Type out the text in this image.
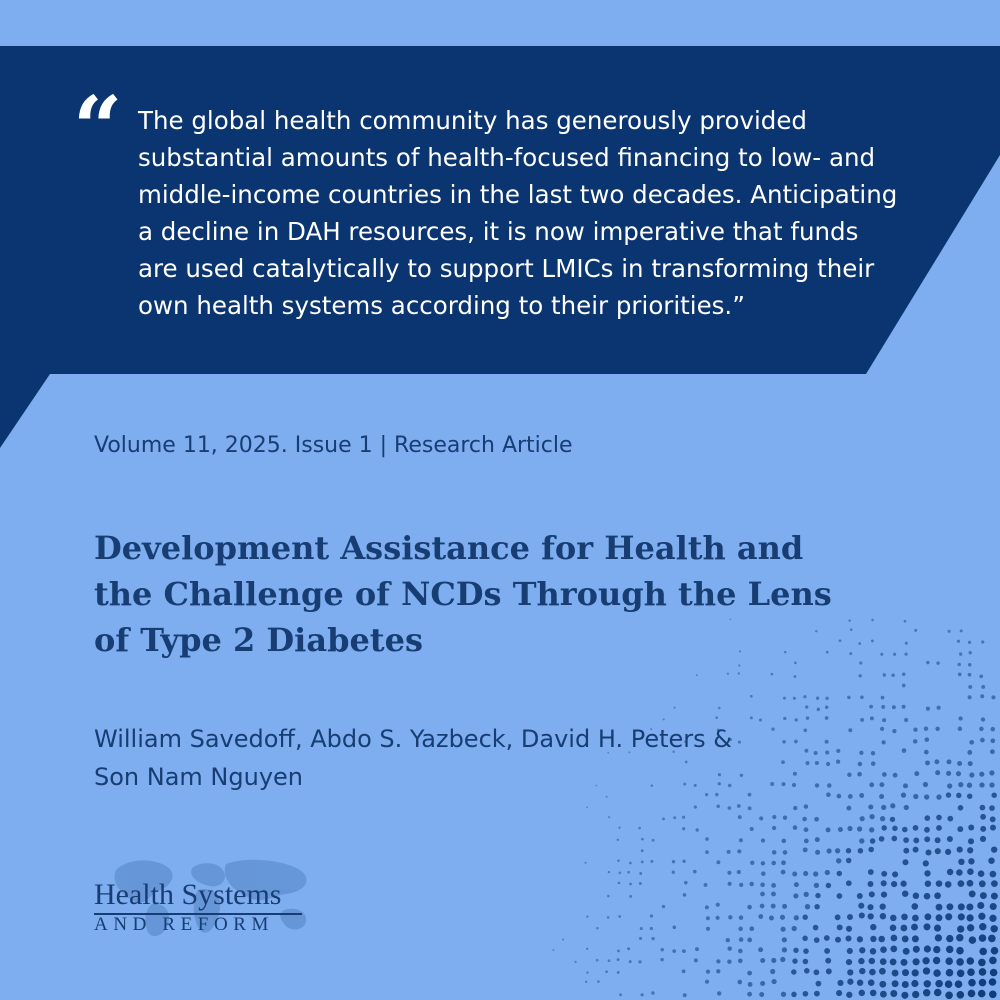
“ The global health community has generously provided
substantial amounts of health-focused financing to low- and
middle-income countries in the last two decades. Anticipating
a decline in DAH resources, it is now imperative that funds
are used catalytically to support LMICs in transforming their
own health systems according to their priorities.”

Volume 11, 2025. Issue 1 | Research Article
Development Assistance for Health and
the Challenge of NCDs Through the Lens
of Type 2 Diabetes

William Savedoff, Abdo S. Yazbeck, David H. Peters &
Son Nam Nguyen

Health Systems
AND REFORM
